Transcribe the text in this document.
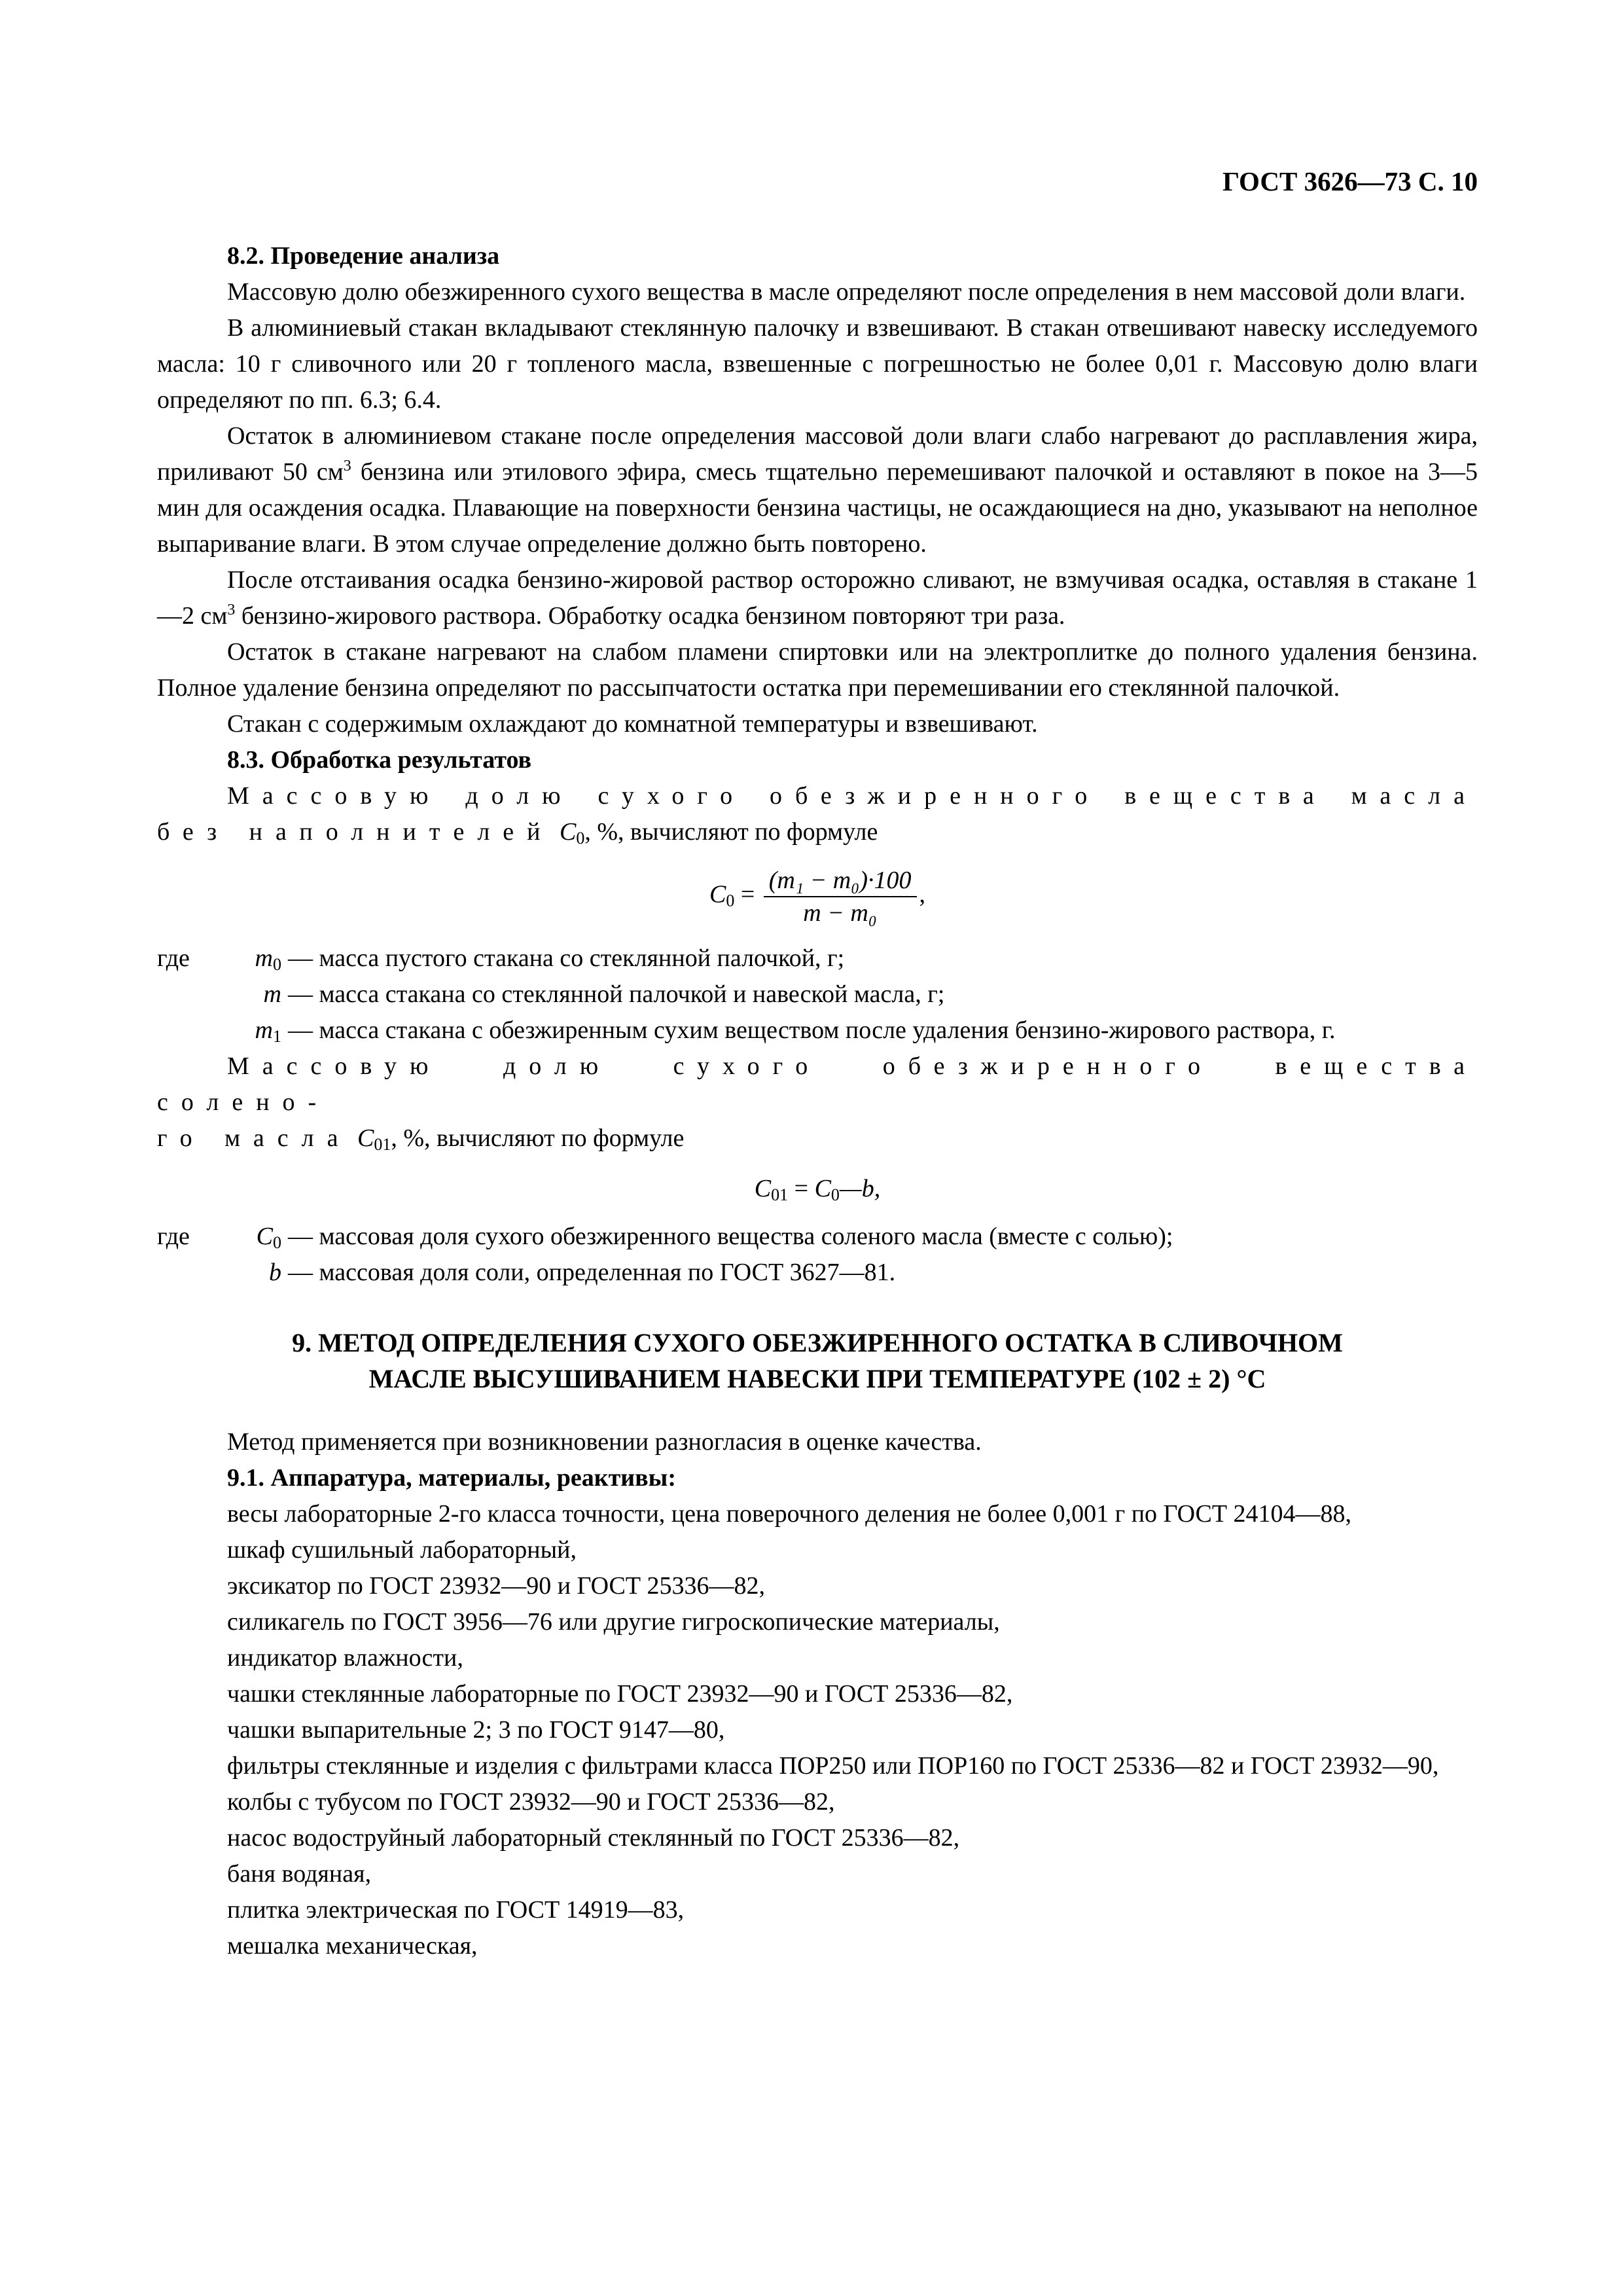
ГОСТ 3626—73 С. 10

8.2. Проведение анализа

Массовую долю обезжиренного сухого вещества в масле определяют после определения в нем массовой доли влаги.

В алюминиевый стакан вкладывают стеклянную палочку и взвешивают. В стакан отвешивают навеску исследуемого масла: 10 г сливочного или 20 г топленого масла, взвешенные с погрешностью не более 0,01 г. Массовую долю влаги определяют по пп. 6.3; 6.4.

Остаток в алюминиевом стакане после определения массовой доли влаги слабо нагревают до расплавления жира, приливают 50 $см^3$ бензина или этилового эфира, смесь тщательно перемешивают палочкой и оставляют в покое на 3—5 мин для осаждения осадка. Плавающие на поверхности бензина частицы, не осаждающиеся на дно, указывают на неполное выпаривание влаги. В этом случае определение должно быть повторено.

После отстаивания осадка бензино-жировой раствор осторожно сливают, не взмучивая осадка, оставляя в стакане 1—2 $см^3$ бензино-жирового раствора. Обработку осадка бензином повторяют три раза.

Остаток в стакане нагревают на слабом пламени спиртовки или на электроплитке до полного удаления бензина. Полное удаление бензина определяют по рассыпчатости остатка при перемешивании его стеклянной палочкой.

Стакан с содержимым охлаждают до комнатной температуры и взвешивают.

8.3. Обработка результатов

Массовую долю сухого обезжиренного вещества масла

без наполнителей $C_0$, %, вычисляют по формуле

$C_0 = \frac{\text{(m₁ − m₀)·100}}{\text{m − m₀}}$ ,
где	$m_0$ — масса пустого стакана со стеклянной палочкой, г;
m — масса стакана со стеклянной палочкой и навеской масла, г;
$m_1$ — масса стакана с обезжиренным сухим веществом после удаления бензино-жирового раствора, г.

Массовую долю сухого обезжиренного вещества солено-

го масла $C_{01}$, %, вычисляют по формуле

$C_{01}$ = $C_0—b$,
где	$C_0$ — массовая доля сухого обезжиренного вещества соленого масла (вместе с солью);
b — массовая доля соли, определенная по ГОСТ 3627—81.
9. МЕТОД ОПРЕДЕЛЕНИЯ СУХОГО ОБЕЗЖИРЕННОГО ОСТАТКА В СЛИВОЧНОМ
МАСЛЕ ВЫСУШИВАНИЕМ НАВЕСКИ ПРИ ТЕМПЕРАТУРЕ (102 ± 2) °С

Метод применяется при возникновении разногласия в оценке качества.

9.1. Аппаратура, материалы, реактивы:

весы лабораторные 2-го класса точности, цена поверочного деления не более 0,001 г по ГОСТ 24104—88,

шкаф сушильный лабораторный,

эксикатор по ГОСТ 23932—90 и ГОСТ 25336—82,

силикагель по ГОСТ 3956—76 или другие гигроскопические материалы,

индикатор влажности,

чашки стеклянные лабораторные по ГОСТ 23932—90 и ГОСТ 25336—82,

чашки выпарительные 2; 3 по ГОСТ 9147—80,

фильтры стеклянные и изделия с фильтрами класса ПОР250 или ПОР160 по ГОСТ 25336—82 и ГОСТ 23932—90,

колбы с тубусом по ГОСТ 23932—90 и ГОСТ 25336—82,

насос водоструйный лабораторный стеклянный по ГОСТ 25336—82,

баня водяная,

плитка электрическая по ГОСТ 14919—83,

мешалка механическая,
